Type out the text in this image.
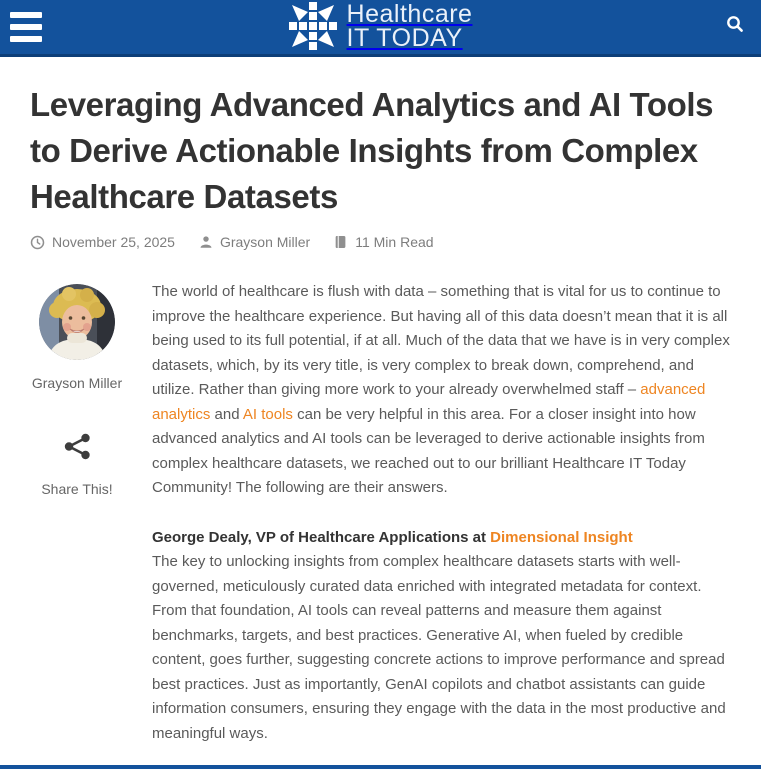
Healthcare
IT TODAY
Leveraging Advanced Analytics and AI Tools to Derive Actionable Insights from Complex Healthcare Datasets
November 25, 2025	Grayson Miller	11 Min Read
Grayson Miller
Share This!

The world of healthcare is flush with data – something that is vital for us to continue to improve the healthcare experience. But having all of this data doesn’t mean that it is all being used to its full potential, if at all. Much of the data that we have is in very complex datasets, which, by its very title, is very complex to break down, comprehend, and utilize. Rather than giving more work to your already overwhelmed staff – advanced analytics and AI tools can be very helpful in this area. For a closer insight into how advanced analytics and AI tools can be leveraged to derive actionable insights from complex healthcare datasets, we reached out to our brilliant Healthcare IT Today Community! The following are their answers.

George Dealy, VP of Healthcare Applications at Dimensional Insight
The key to unlocking insights from complex healthcare datasets starts with well-governed, meticulously curated data enriched with integrated metadata for context. From that foundation, AI tools can reveal patterns and measure them against benchmarks, targets, and best practices. Generative AI, when fueled by credible content, goes further, suggesting concrete actions to improve performance and spread best practices. Just as importantly, GenAI copilots and chatbot assistants can guide information consumers, ensuring they engage with the data in the most productive and meaningful ways.
